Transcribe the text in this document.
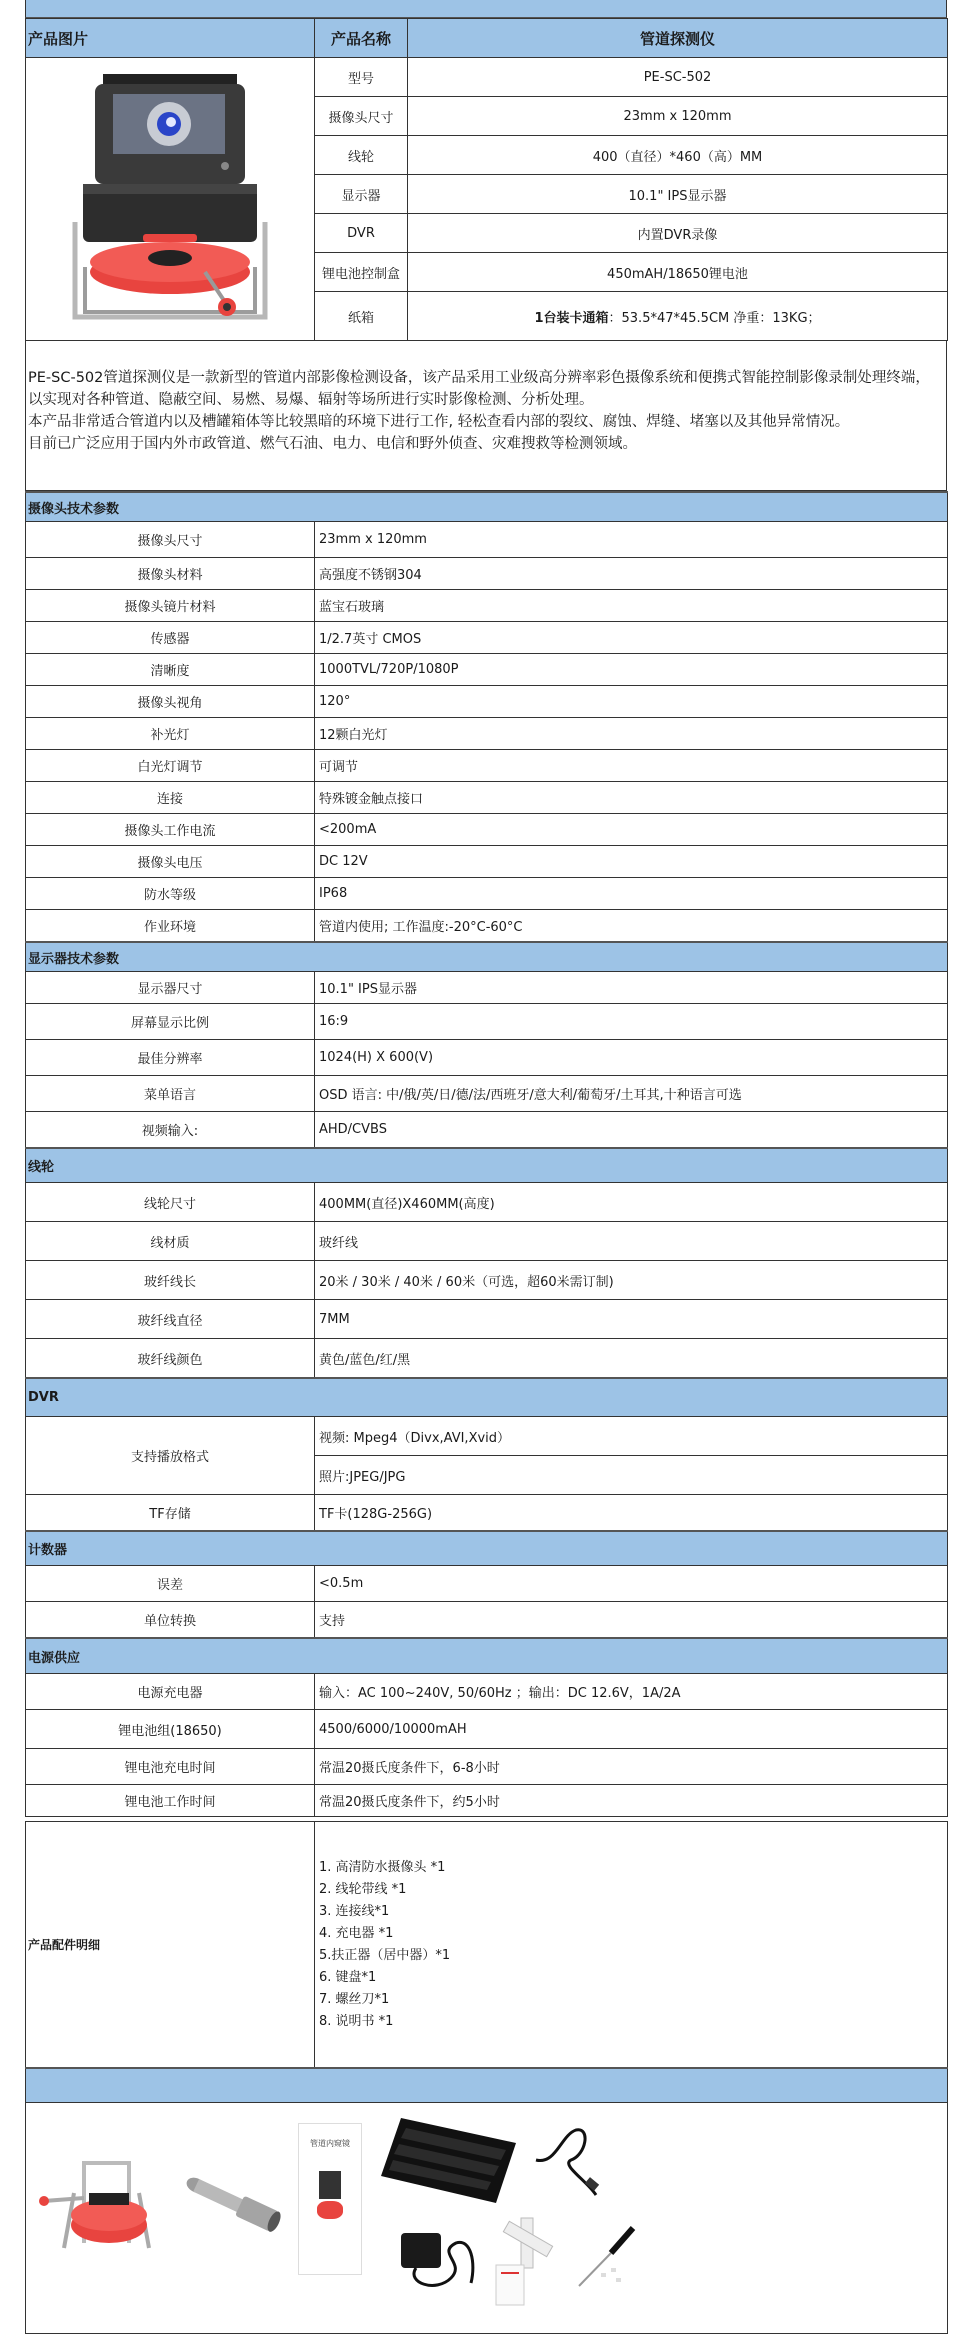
产品图片	产品名称	管道探测仪
	型号	PE-SC-502
	摄像头尺寸	23mm x 120mm
	线轮	400（直径）*460（高）MM
	显示器	10.1" IPS显示器
	DVR	内置DVR录像
	锂电池控制盒	450mAH/18650锂电池
	纸箱	1台装卡通箱：53.5*47*45.5CM 净重：13KG；
PE-SC-502管道探测仪是一款新型的管道内部影像检测设备，该产品采用工业级高分辨率彩色摄像系统和便携式智能控制影像录制处理终端，以实现对各种管道、隐蔽空间、易燃、易爆、辐射等场所进行实时影像检测、分析处理。
本产品非常适合管道内以及槽罐箱体等比较黑暗的环境下进行工作, 轻松查看内部的裂纹、腐蚀、焊缝、堵塞以及其他异常情况。
目前已广泛应用于国内外市政管道、燃气石油、电力、电信和野外侦查、灾难搜救等检测领域。
摄像头技术参数	
摄像头尺寸	23mm x 120mm
摄像头材料	高强度不锈钢304
摄像头镜片材料	蓝宝石玻璃
传感器	1/2.7英寸 CMOS
清晰度	1000TVL/720P/1080P
摄像头视角	120°
补光灯	12颗白光灯
白光灯调节	可调节
连接	特殊镀金触点接口
摄像头工作电流	<200mA
摄像头电压	DC 12V
防水等级	IP68
作业环境	管道内使用; 工作温度:-20°C-60°C
显示器技术参数	
显示器尺寸	10.1" IPS显示器
屏幕显示比例	16:9
最佳分辨率	1024(H) X 600(V)
菜单语言	OSD 语言: 中/俄/英/日/德/法/西班牙/意大利/葡萄牙/土耳其,十种语言可选
视频输入:	AHD/CVBS
线轮	
线轮尺寸	400MM(直径)X460MM(高度)
线材质	玻纤线
玻纤线长	20米 / 30米 / 40米 / 60米（可选，超60米需订制)
玻纤线直径	7MM
玻纤线颜色	黄色/蓝色/红/黑
DVR	
支持播放格式	视频: Mpeg4（Divx,AVI,Xvid）
	照片:JPEG/JPG
TF存储	TF卡(128G-256G)
计数器	
误差	<0.5m
单位转换	支持
电源供应	
电源充电器	输入：AC 100~240V, 50/60Hz ；输出：DC 12.6V，1A/2A
锂电池组(18650)	4500/6000/10000mAH
锂电池充电时间	常温20摄氏度条件下，6-8小时
锂电池工作时间	常温20摄氏度条件下，约5小时
产品配件明细	
1. 高清防水摄像头 *1
2. 线轮带线 *1
3. 连接线*1
4. 充电器 *1
5.扶正器（居中器）*1
6. 键盘*1
7. 螺丝刀*1
8. 说明书 *1

管道内窥镜
